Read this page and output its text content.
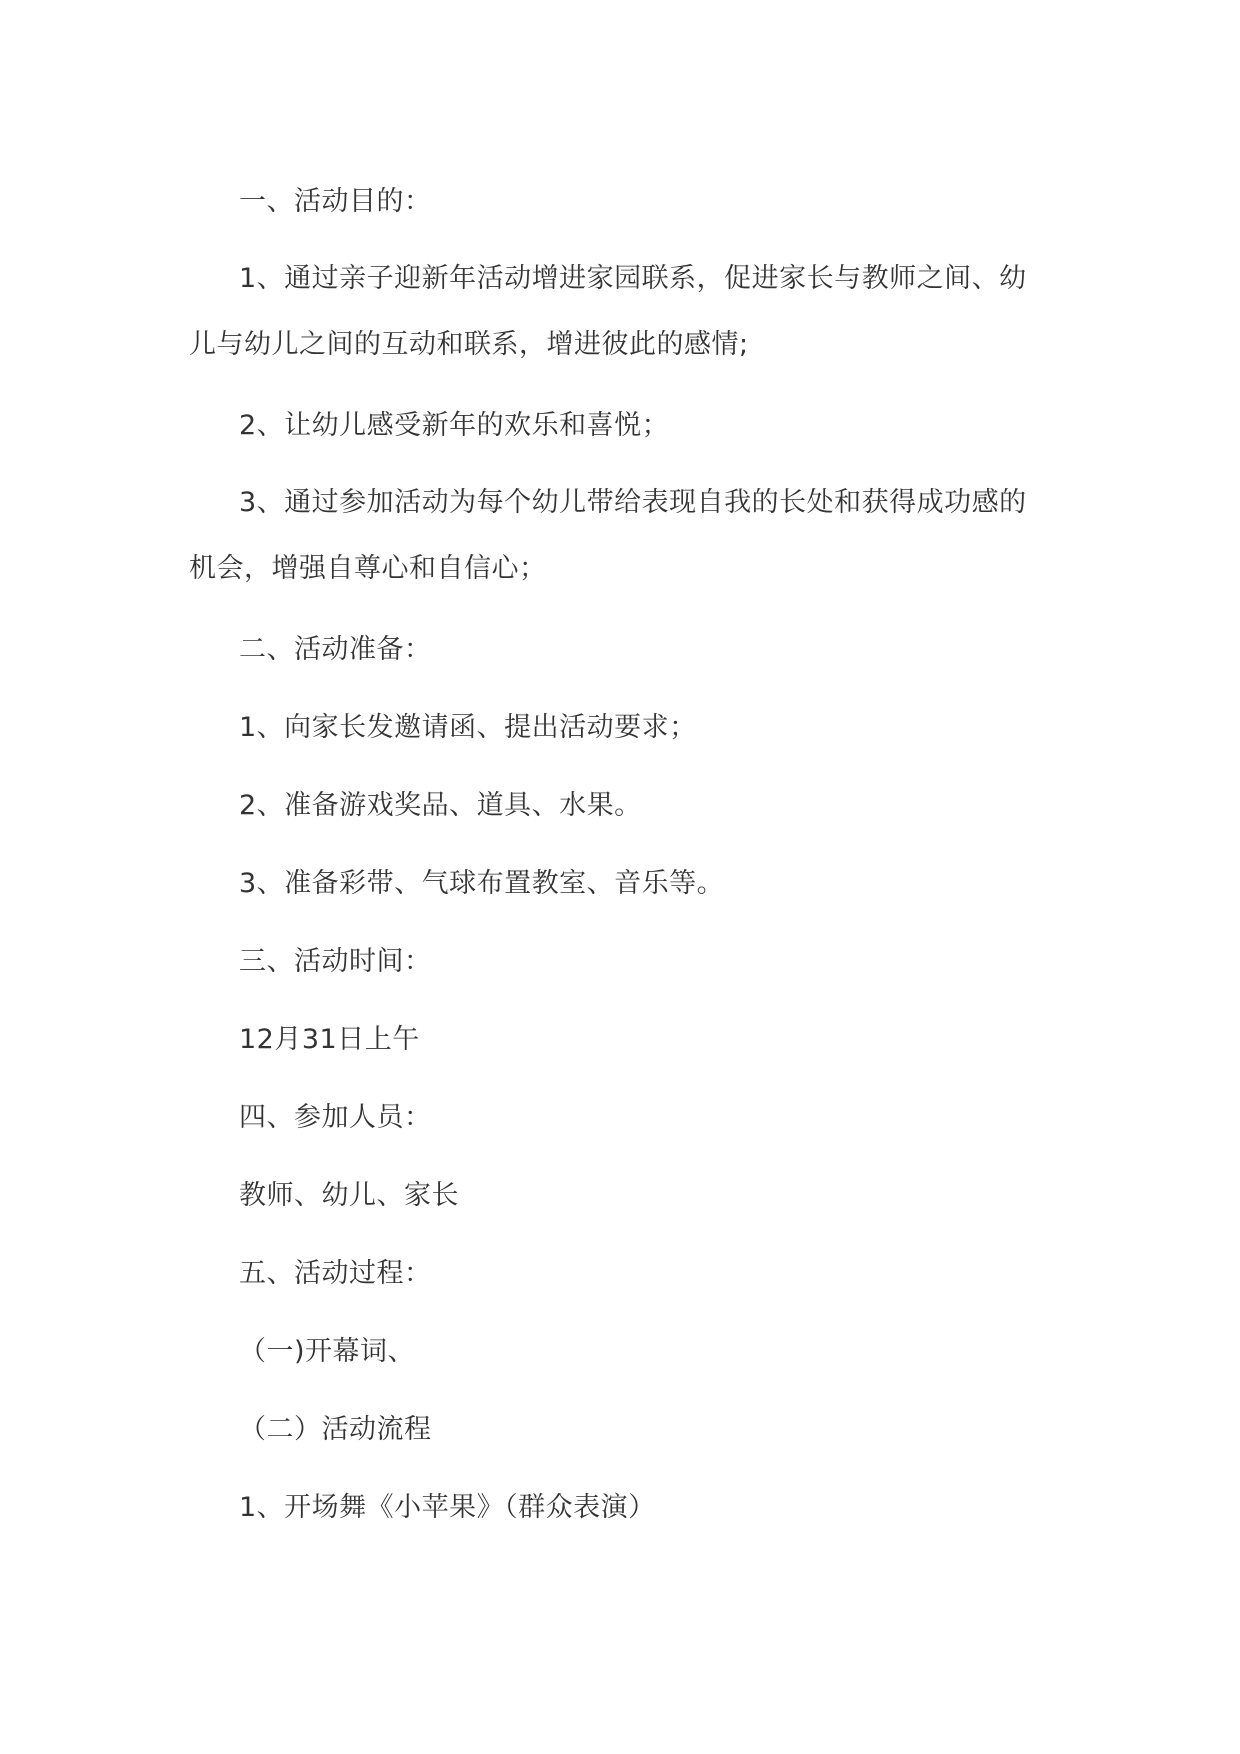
一、活动目的：

1、通过亲子迎新年活动增进家园联系，促进家长与教师之间、幼儿与幼儿之间的互动和联系，增进彼此的感情;

2、让幼儿感受新年的欢乐和喜悦；

3、通过参加活动为每个幼儿带给表现自我的长处和获得成功感的机会，增强自尊心和自信心；

二、活动准备：

1、向家长发邀请函、提出活动要求；

2、准备游戏奖品、道具、水果。

3、准备彩带、气球布置教室、音乐等。

三、活动时间：

12月31日上午

四、参加人员：

教师、幼儿、家长

五、活动过程：

（一)开幕词、

（二）活动流程

1、开场舞《小苹果》（群众表演）
